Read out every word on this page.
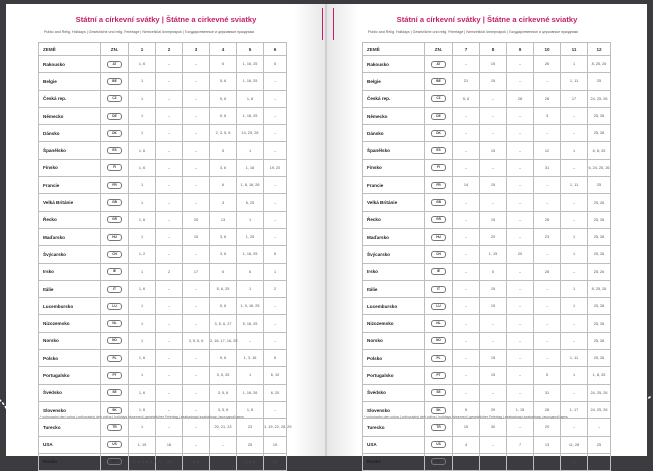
Státní a církevní svátky | Štátne a cirkevné sviatky
Public and Relig. Holidays | Gesetzliche und relig. Feiertage | Nemzetközi ünnepnapok | Государственные и церковные праздники
ZEMĚ	ZN.	1	2	3	4	5	6
Rakousko	AT	1, 6	–	–	6	1, 16, 25	6
Belgie	BE	1	–	–	5, 6	1, 16, 25	–
Česká rep.	CZ	1	–	–	5, 6	1, 8	–
Německo	DE	1	–	–	5, 6	1, 16, 25	–
Dánsko	DK	1	–	–	2, 3, 5, 6	14, 25, 26	–
Španělsko	ES	1, 6	–	–	5	1	–
Finsko	FI	1, 6	–	–	3, 6	1, 16	19, 20
Francie	FR	1	–	–	6	1, 8, 16, 26	–
Velká Británie	GB	1	–	–	3	6, 25	–
Řecko	GR	1, 6	–	25	13	1	–
Maďarsko	HU	1	–	15	3, 6	1, 25	–
Švýcarsko	CH	1, 2	–	–	3, 6	1, 16, 25	6
Irsko	IE	1	2	17	6	6	1
Itálie	IT	1, 6	–	–	5, 6, 25	1	2
Lucembursko	LU	1	–	–	5, 6	1, 9, 16, 25	–
Nizozemsko	NL	1	–	–	3, 5, 6, 27	5, 16, 25	–
Norsko	NO	1	–	3, 5, 5, 6	2, 16, 17, 16, 25	–	–
Polsko	PL	1, 6	–	–	5, 6	1, 3, 16	6
Portugalsko	PT	1	–	–	3, 5, 25	1	6, 10
Švédsko	SE	1, 6	–	–	3, 5, 6	1, 16, 26	6, 20
Slovensko	SK	1, 6	–	–	3, 5, 6	1, 8	–
Turecko	TR	1	–	–	20, 21, 23	23	1, 19, 22, 28, 29
USA	US	1, 19	16	–	–	25	19
Rusko	RU	1, 2, 3, 4, 5, 6, 7, 8	23	8, 9	–	1, 8, 9	12
* volnoradní den volna | voľnoradný deň voľna | holidays observed | gesetzlicher Feiertag | szabadnapi szabadnap | выходной день
Státní a církevní svátky | Štátne a cirkevné sviatky
Public and Relig. Holidays | Gesetzliche und relig. Feiertage | Nemzetközi ünnepnapok | Государственные и церковные праздники
ZEMĚ	ZN.	7	8	9	10	11	12
Rakousko	AT	–	15	–	26	1	8, 25, 26
Belgie	BE	21	15	–	–	1, 11	25
Česká rep.	CZ	5, 6	–	28	28	17	24, 25, 26
Německo	DE	–	–	–	3	–	25, 26
Dánsko	DK	–	–	–	–	–	25, 26
Španělsko	ES	–	15	–	12	1	6, 8, 25
Finsko	FI	–	–	–	31	–	6, 24, 25, 26
Francie	FR	14	15	–	–	1, 11	25
Velká Británie	GB	–	–	–	–	–	25, 26
Řecko	GR	–	15	–	28	–	25, 26
Maďarsko	HU	–	20	–	23	1	25, 26
Švýcarsko	CH	–	1, 15	20	–	1	25, 26
Irsko	IE	–	5	–	28	–	25, 26
Itálie	IT	–	15	–	–	1	8, 25, 26
Lucembursko	LU	–	15	–	–	1	25, 26
Nizozemsko	NL	–	–	–	–	–	25, 26
Norsko	NO	–	–	–	–	–	25, 26
Polsko	PL	–	15	–	–	1, 11	25, 26
Portugalsko	PT	–	15	–	5	1	1, 8, 25
Švédsko	SE	–	–	–	31	–	24, 25, 26
Slovensko	SK	5	29	1, 15	28	1, 17	24, 25, 26
Turecko	TR	15	30	–	29	–	–
USA	US	4	–	7	13	11, 28	25
Rusko	RU	–	–	–	–	4	–
* volnoradní den volna | voľnoradný deň voľna | holidays observed | gesetzlicher Feiertag | szabadnapi szabadnap | выходной день
